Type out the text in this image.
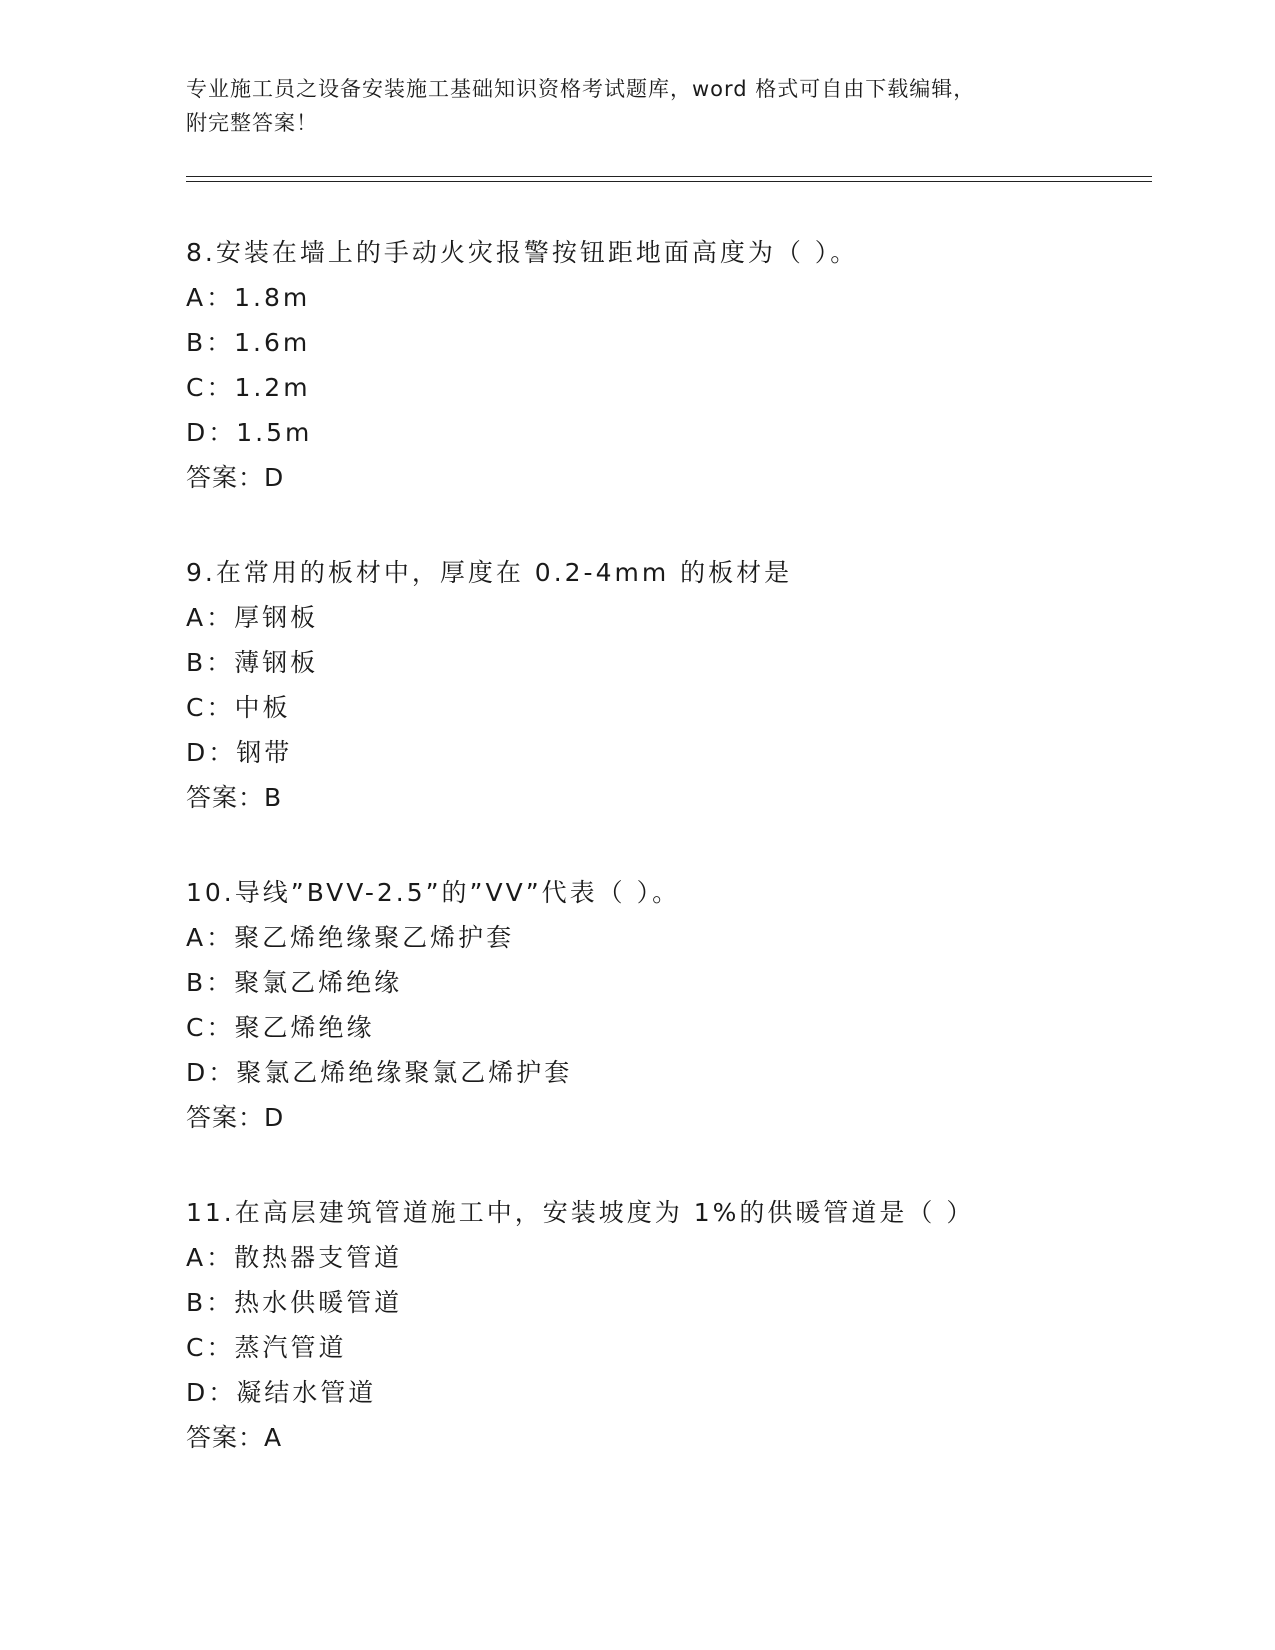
专业施工员之设备安装施工基础知识资格考试题库，word 格式可自由下载编辑，
附完整答案！
8.安装在墙上的手动火灾报警按钮距地面高度为（ ）。
A：1.8m
B：1.6m
C：1.2m
D：1.5m
答案：D
9.在常用的板材中，厚度在 0.2-4mm 的板材是
A：厚钢板
B：薄钢板
C：中板
D：钢带
答案：B
10.导线”BVV-2.5”的”VV”代表（ ）。
A：聚乙烯绝缘聚乙烯护套
B：聚氯乙烯绝缘
C：聚乙烯绝缘
D：聚氯乙烯绝缘聚氯乙烯护套
答案：D
11.在高层建筑管道施工中，安装坡度为 1%的供暖管道是（ ）
A：散热器支管道
B：热水供暖管道
C：蒸汽管道
D：凝结水管道
答案：A
